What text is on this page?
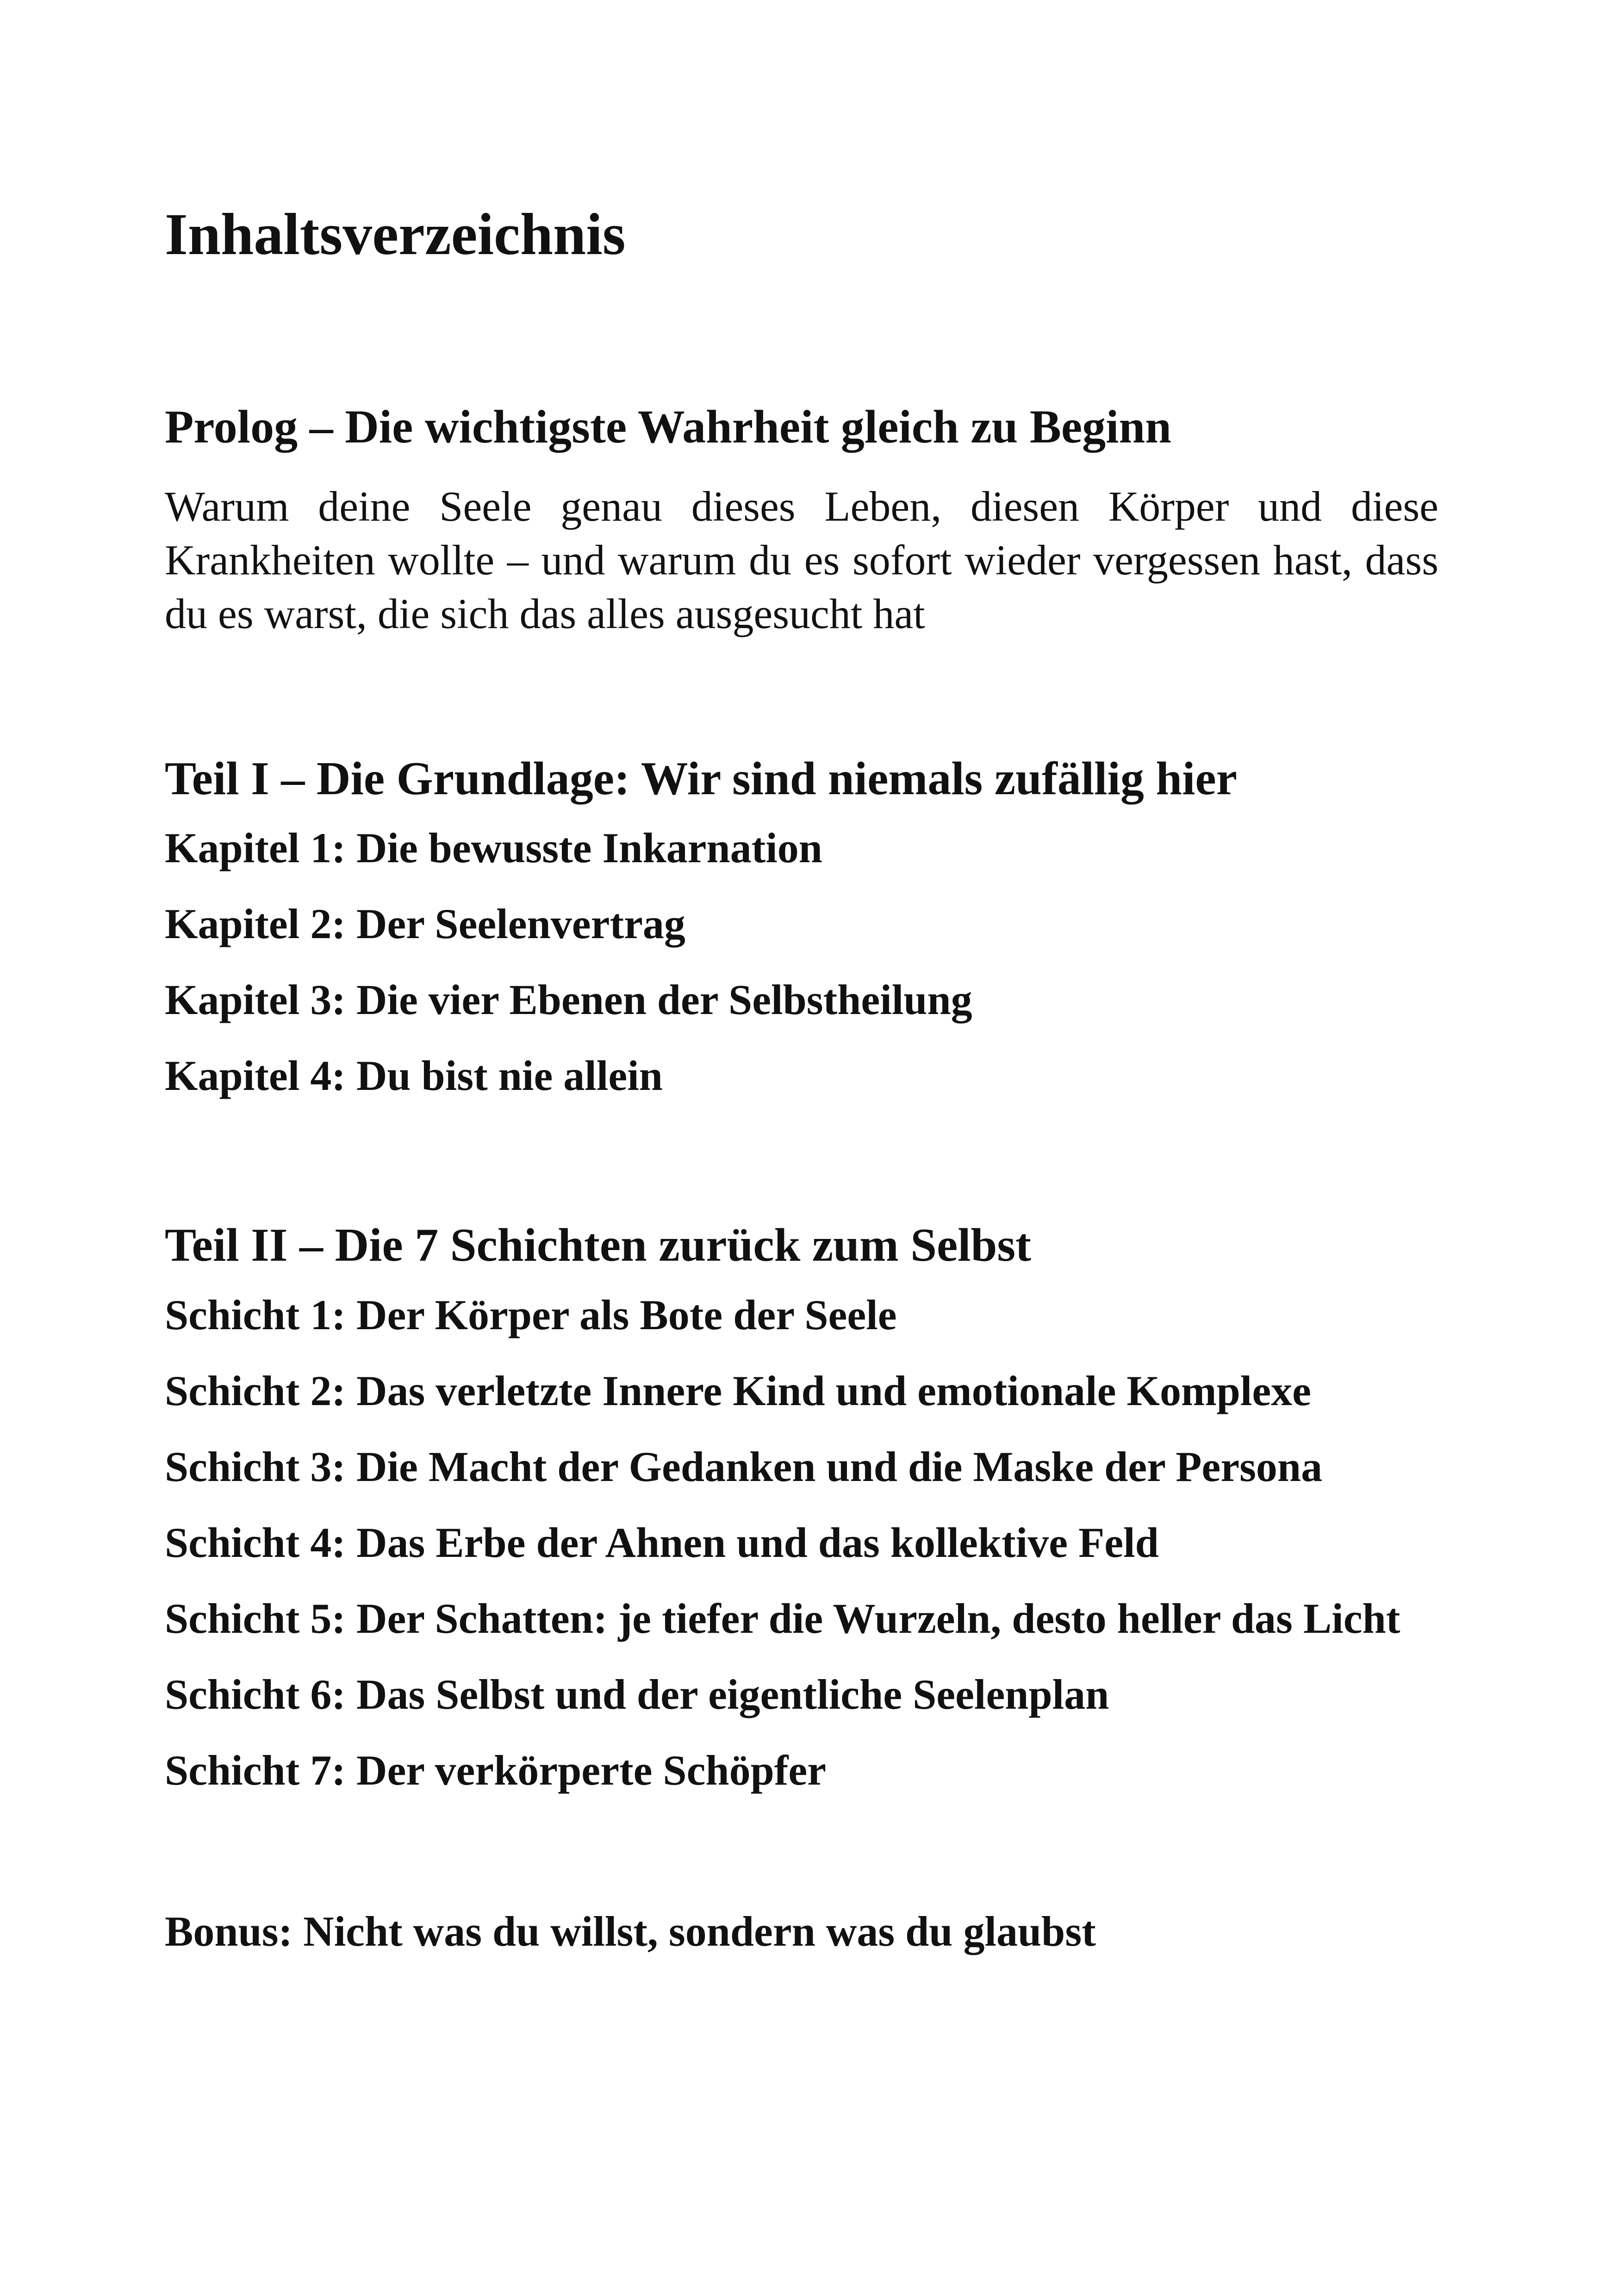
Inhaltsverzeichnis
Prolog – Die wichtigste Wahrheit gleich zu Beginn

Warum deine Seele genau dieses Leben, diesen Körper und diese Krankheiten wollte – und warum du es sofort wieder vergessen hast, dass du es warst, die sich das alles ausgesucht hat

Teil I – Die Grundlage: Wir sind niemals zufällig hier
Kapitel 1: Die bewusste Inkarnation
Kapitel 2: Der Seelenvertrag
Kapitel 3: Die vier Ebenen der Selbstheilung
Kapitel 4: Du bist nie allein
Teil II – Die 7 Schichten zurück zum Selbst
Schicht 1: Der Körper als Bote der Seele
Schicht 2: Das verletzte Innere Kind und emotionale Komplexe
Schicht 3: Die Macht der Gedanken und die Maske der Persona
Schicht 4: Das Erbe der Ahnen und das kollektive Feld
Schicht 5: Der Schatten: je tiefer die Wurzeln, desto heller das Licht
Schicht 6: Das Selbst und der eigentliche Seelenplan
Schicht 7: Der verkörperte Schöpfer

Bonus: Nicht was du willst, sondern was du glaubst
